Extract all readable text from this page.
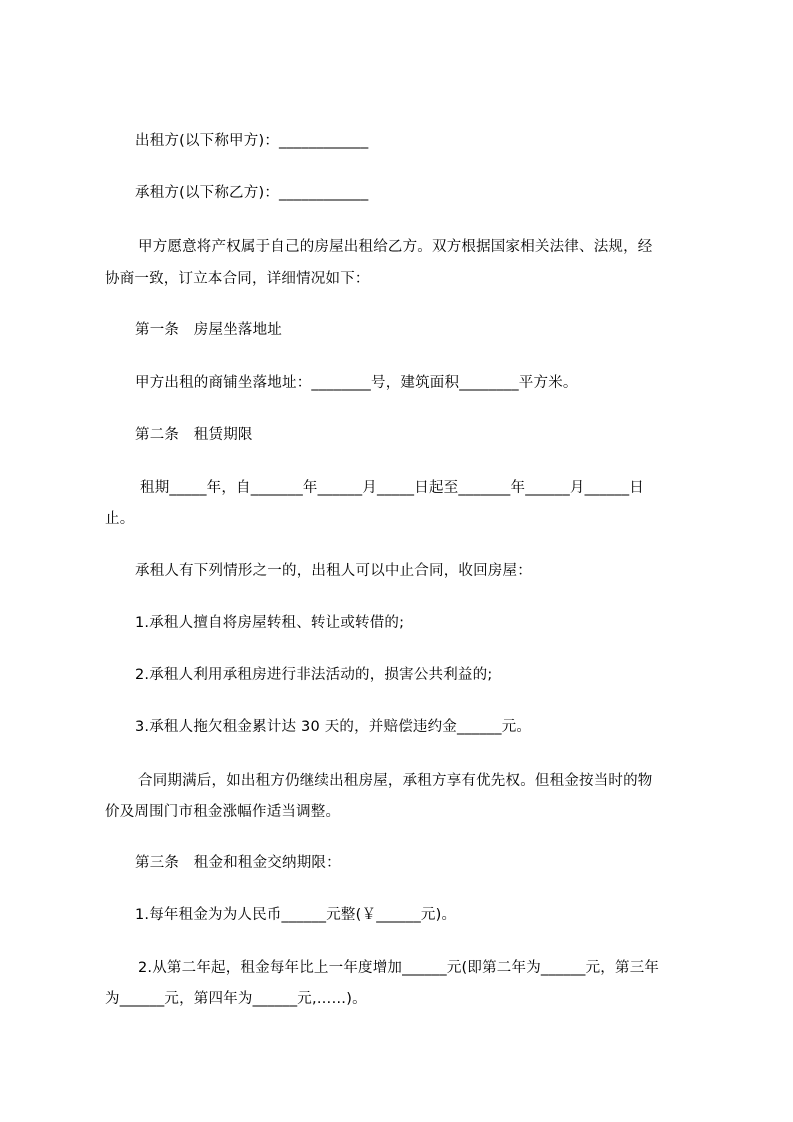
出租方(以下称甲方)：____________
承租方(以下称乙方)：____________
甲方愿意将产权属于自己的房屋出租给乙方。双方根据国家相关法律、法规，经
协商一致，订立本合同，详细情况如下：
第一条　房屋坐落地址
甲方出租的商铺坐落地址：________号，建筑面积________平方米。
第二条　租赁期限
租期_____年，自_______年______月_____日起至_______年______月______日
止。
承租人有下列情形之一的，出租人可以中止合同，收回房屋：
1.承租人擅自将房屋转租、转让或转借的;
2.承租人利用承租房进行非法活动的，损害公共利益的;
3.承租人拖欠租金累计达 30 天的，并赔偿违约金______元。
合同期满后，如出租方仍继续出租房屋，承租方享有优先权。但租金按当时的物
价及周围门市租金涨幅作适当调整。
第三条　租金和租金交纳期限：
1.每年租金为为人民币______元整(￥______元)。
2.从第二年起，租金每年比上一年度增加______元(即第二年为______元，第三年
为______元，第四年为______元,……)。
